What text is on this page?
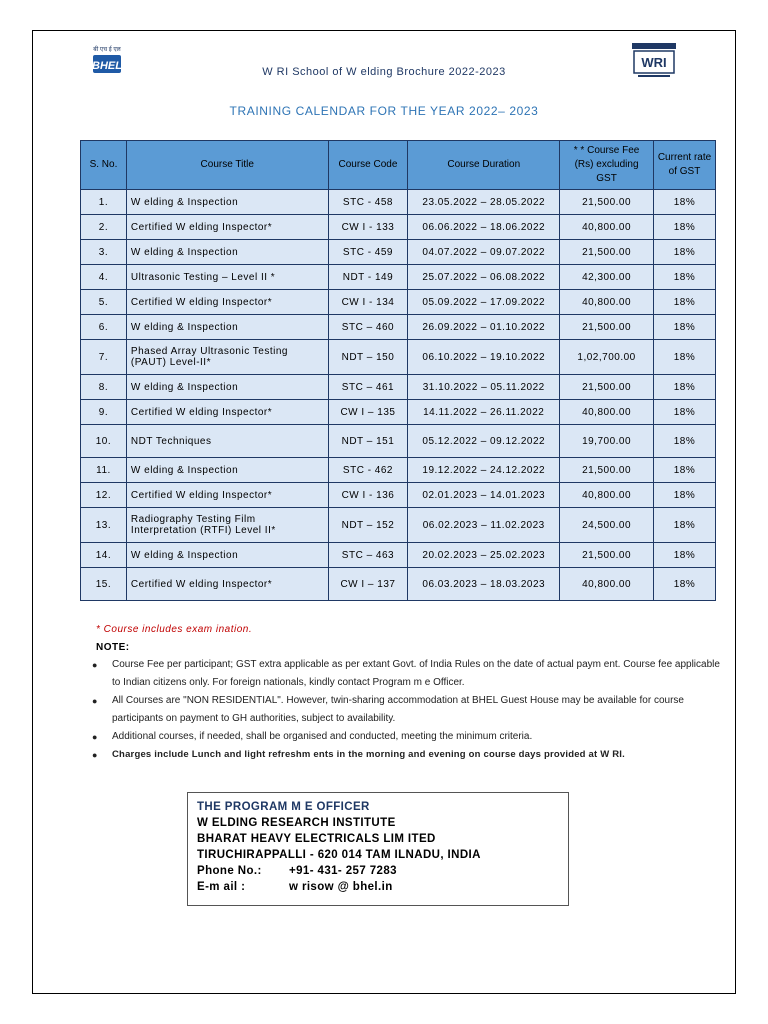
बी एच ई एल
BHEL	WRI
W RI School of W elding Brochure 2022-2023
TRAINING CALENDAR FOR THE YEAR 2022– 2023
S. No.	Course Title	Course Code	Course Duration	* * Course Fee (Rs) excluding GST	Current rate of GST
1.	W elding & Inspection	STC - 458	23.05.2022 – 28.05.2022	21,500.00	18%
2.	Certified W elding Inspector*	CW I - 133	06.06.2022 – 18.06.2022	40,800.00	18%
3.	W elding & Inspection	STC - 459	04.07.2022 – 09.07.2022	21,500.00	18%
4.	Ultrasonic Testing – Level II *	NDT - 149	25.07.2022 – 06.08.2022	42,300.00	18%
5.	Certified W elding Inspector*	CW I - 134	05.09.2022 – 17.09.2022	40,800.00	18%
6.	W elding & Inspection	STC – 460	26.09.2022 – 01.10.2022	21,500.00	18%
7.	Phased Array Ultrasonic Testing (PAUT) Level-II*	NDT – 150	06.10.2022 – 19.10.2022	1,02,700.00	18%
8.	W elding & Inspection	STC – 461	31.10.2022 – 05.11.2022	21,500.00	18%
9.	Certified W elding Inspector*	CW I – 135	14.11.2022 – 26.11.2022	40,800.00	18%
10.	NDT Techniques	NDT – 151	05.12.2022 – 09.12.2022	19,700.00	18%
11.	W elding & Inspection	STC - 462	19.12.2022 – 24.12.2022	21,500.00	18%
12.	Certified W elding Inspector*	CW I - 136	02.01.2023 – 14.01.2023	40,800.00	18%
13.	Radiography Testing Film Interpretation (RTFI) Level II*	NDT – 152	06.02.2023 – 11.02.2023	24,500.00	18%
14.	W elding & Inspection	STC – 463	20.02.2023 – 25.02.2023	21,500.00	18%
15.	Certified W elding Inspector*	CW I – 137	06.03.2023 – 18.03.2023	40,800.00	18%
* Course includes exam ination.
NOTE:
● Course Fee per participant; GST extra applicable as per extant Govt. of India Rules on the date of actual paym ent. Course fee applicable to Indian citizens only. For foreign nationals, kindly contact Program m e Officer.
● All Courses are "NON RESIDENTIAL". However, twin-sharing accommodation at BHEL Guest House may be available for course participants on payment to GH authorities, subject to availability.
● Additional courses, if needed, shall be organised and conducted, meeting the minimum criteria.
● Charges include Lunch and light refreshm ents in the morning and evening on course days provided at W RI.
THE PROGRAM M E OFFICER
W ELDING RESEARCH INSTITUTE
BHARAT HEAVY ELECTRICALS LIM ITED
TIRUCHIRAPPALLI - 620 014 TAM ILNADU, INDIA
Phone No.:	+91- 431- 257 7283
E-m ail :	w risow @ bhel.in
